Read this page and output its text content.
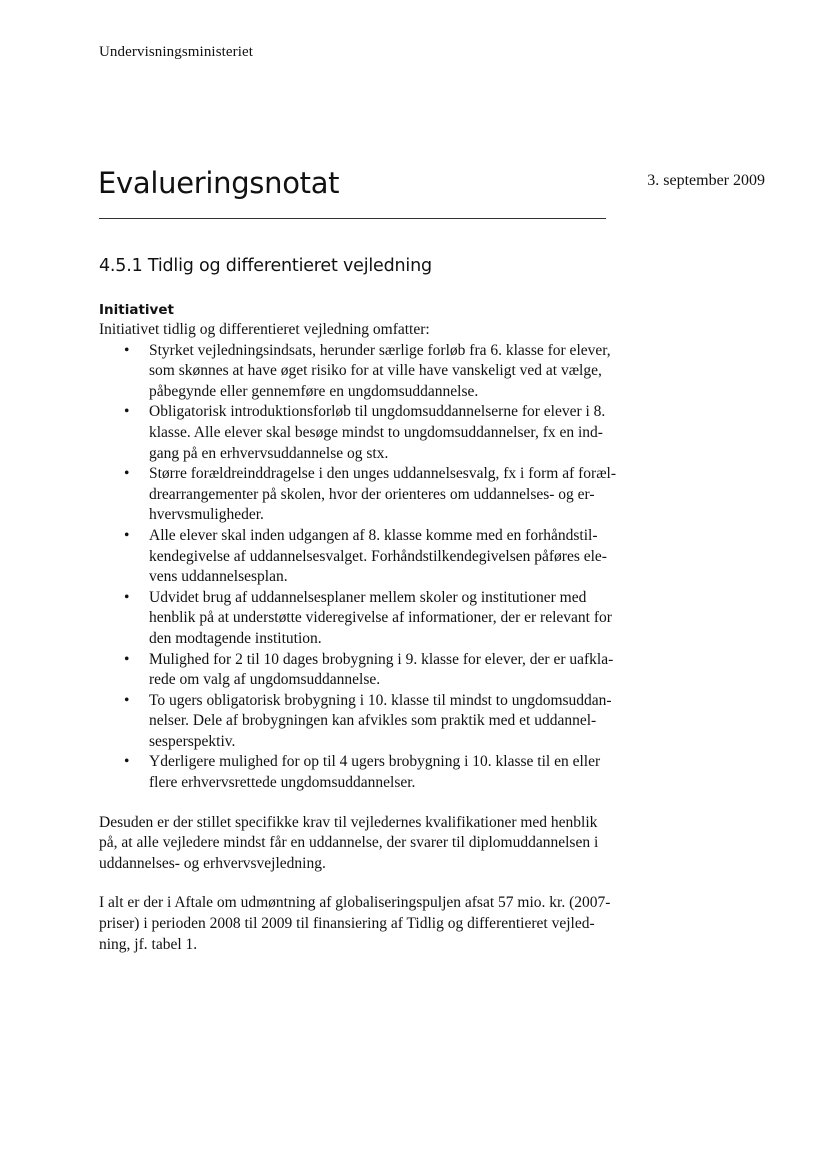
Undervisningsministeriet
Evalueringsnotat	3. september 2009
4.5.1 Tidlig og differentieret vejledning
Initiativet

Initiativet tidlig og differentieret vejledning omfatter:

• Styrket vejledningsindsats, herunder særlige forløb fra 6. klasse for elever,
som skønnes at have øget risiko for at ville have vanskeligt ved at vælge,
påbegynde eller gennemføre en ungdomsuddannelse.
• Obligatorisk introduktionsforløb til ungdomsuddannelserne for elever i 8.
klasse. Alle elever skal besøge mindst to ungdomsuddannelser, fx en ind-
gang på en erhvervsuddannelse og stx.
• Større forældreinddragelse i den unges uddannelsesvalg, fx i form af foræl-
drearrangementer på skolen, hvor der orienteres om uddannelses- og er-
hvervsmuligheder.
• Alle elever skal inden udgangen af 8. klasse komme med en forhåndstil-
kendegivelse af uddannelsesvalget. Forhåndstilkendegivelsen påføres ele-
vens uddannelsesplan.
• Udvidet brug af uddannelsesplaner mellem skoler og institutioner med
henblik på at understøtte videregivelse af informationer, der er relevant for
den modtagende institution.
• Mulighed for 2 til 10 dages brobygning i 9. klasse for elever, der er uafkla-
rede om valg af ungdomsuddannelse.
• To ugers obligatorisk brobygning i 10. klasse til mindst to ungdomsuddan-
nelser. Dele af brobygningen kan afvikles som praktik med et uddannel-
sesperspektiv.
• Yderligere mulighed for op til 4 ugers brobygning i 10. klasse til en eller
flere erhvervsrettede ungdomsuddannelser.

Desuden er der stillet specifikke krav til vejledernes kvalifikationer med henblik
på, at alle vejledere mindst får en uddannelse, der svarer til diplomuddannelsen i
uddannelses- og erhvervsvejledning.

I alt er der i Aftale om udmøntning af globaliseringspuljen afsat 57 mio. kr. (2007-
priser) i perioden 2008 til 2009 til finansiering af Tidlig og differentieret vejled-
ning, jf. tabel 1.
